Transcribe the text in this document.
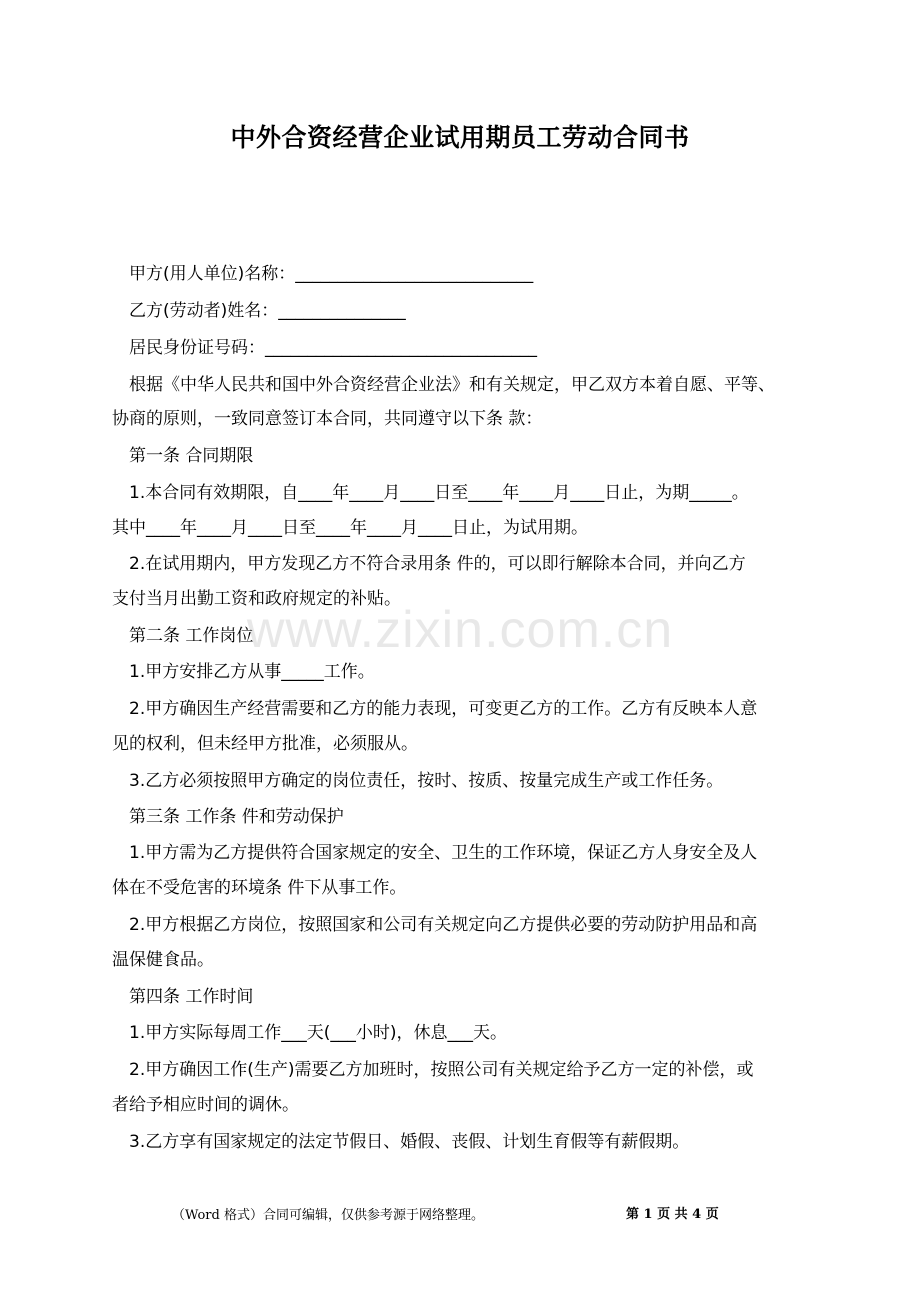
中外合资经营企业试用期员工劳动合同书
　甲方(用人单位)名称：____________________________
　乙方(劳动者)姓名：_______________
　居民身份证号码：________________________________
　根据《中华人民共和国中外合资经营企业法》和有关规定，甲乙双方本着自愿、平等、
协商的原则，一致同意签订本合同，共同遵守以下条 款：
　第一条 合同期限
　1.本合同有效期限，自____年____月____日至____年____月____日止，为期_____。
其中____年____月____日至____年____月____日止，为试用期。
　2.在试用期内，甲方发现乙方不符合录用条 件的，可以即行解除本合同，并向乙方
支付当月出勤工资和政府规定的补贴。
　第二条 工作岗位
　1.甲方安排乙方从事_____工作。
　2.甲方确因生产经营需要和乙方的能力表现，可变更乙方的工作。乙方有反映本人意
见的权利，但未经甲方批准，必须服从。
　3.乙方必须按照甲方确定的岗位责任，按时、按质、按量完成生产或工作任务。
　第三条 工作条 件和劳动保护
　1.甲方需为乙方提供符合国家规定的安全、卫生的工作环境，保证乙方人身安全及人
体在不受危害的环境条 件下从事工作。
　2.甲方根据乙方岗位，按照国家和公司有关规定向乙方提供必要的劳动防护用品和高
温保健食品。
　第四条 工作时间
　1.甲方实际每周工作___天(___小时)，休息___天。
　2.甲方确因工作(生产)需要乙方加班时，按照公司有关规定给予乙方一定的补偿，或
者给予相应时间的调休。
　3.乙方享有国家规定的法定节假日、婚假、丧假、计划生育假等有薪假期。
www.zixin.com.cn
（Word 格式）合同可编辑，仅供参考源于网络整理。	第 1 页 共 4 页
